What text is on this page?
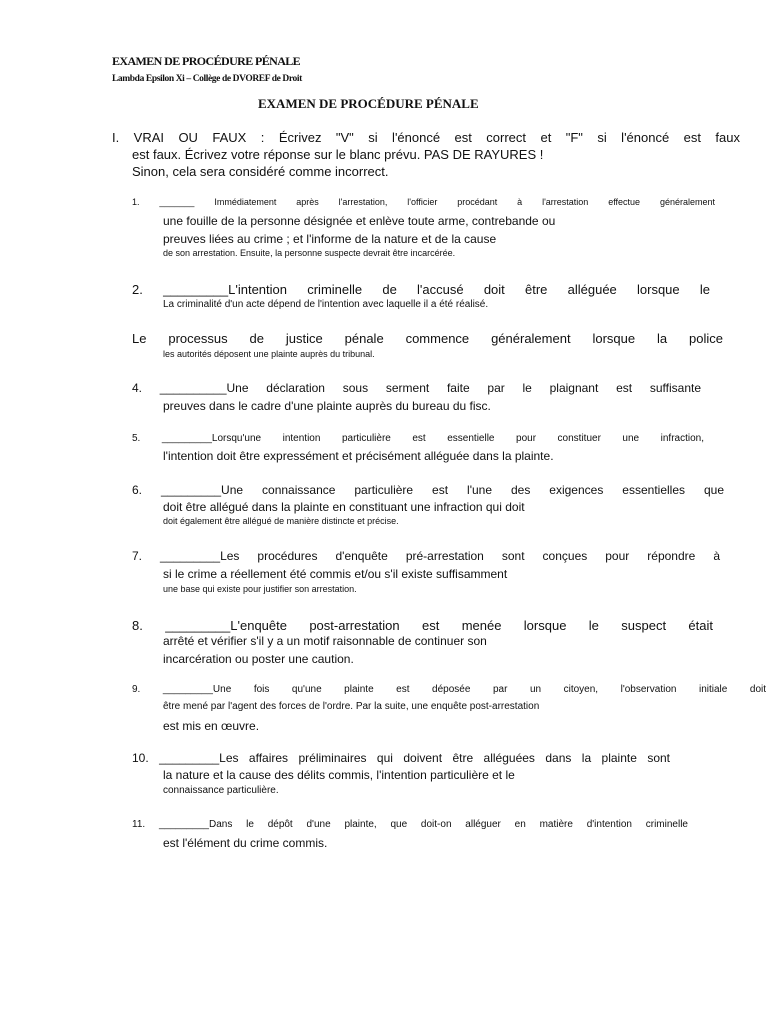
EXAMEN DE PROCÉDURE PÉNALE
Lambda Epsilon Xi – Collège de DVOREF de Droit
EXAMEN DE PROCÉDURE PÉNALE
I. VRAI OU FAUX : Écrivez "V" si l'énoncé est correct et "F" si l'énoncé est faux
est faux. Écrivez votre réponse sur le blanc prévu. PAS DE RAYURES !
Sinon, cela sera considéré comme incorrect.
1. _______ Immédiatement après l'arrestation, l'officier procédant à l'arrestation effectue généralement
une fouille de la personne désignée et enlève toute arme, contrebande ou
preuves liées au crime ; et l'informe de la nature et de la cause
de son arrestation. Ensuite, la personne suspecte devrait être incarcérée.
2. _________L'intention criminelle de l'accusé doit être alléguée lorsque le
La criminalité d'un acte dépend de l'intention avec laquelle il a été réalisé.
Le processus de justice pénale commence généralement lorsque la police
les autorités déposent une plainte auprès du tribunal.
4. __________Une déclaration sous serment faite par le plaignant est suffisante
preuves dans le cadre d'une plainte auprès du bureau du fisc.
5. _________Lorsqu'une intention particulière est essentielle pour constituer une infraction,
l'intention doit être expressément et précisément alléguée dans la plainte.
6. _________Une connaissance particulière est l'une des exigences essentielles que
doit être allégué dans la plainte en constituant une infraction qui doit
doit également être allégué de manière distincte et précise.
7. _________Les procédures d'enquête pré-arrestation sont conçues pour répondre à
si le crime a réellement été commis et/ou s'il existe suffisamment
une base qui existe pour justifier son arrestation.
8. _________L'enquête post-arrestation est menée lorsque le suspect était
arrêté et vérifier s'il y a un motif raisonnable de continuer son
incarcération ou poster une caution.
9. _________Une fois qu'une plainte est déposée par un citoyen, l'observation initiale doit
être mené par l'agent des forces de l'ordre. Par la suite, une enquête post-arrestation
est mis en œuvre.
10. _________Les affaires préliminaires qui doivent être alléguées dans la plainte sont
la nature et la cause des délits commis, l'intention particulière et le
connaissance particulière.
11. _________Dans le dépôt d'une plainte, que doit-on alléguer en matière d'intention criminelle
est l'élément du crime commis.
